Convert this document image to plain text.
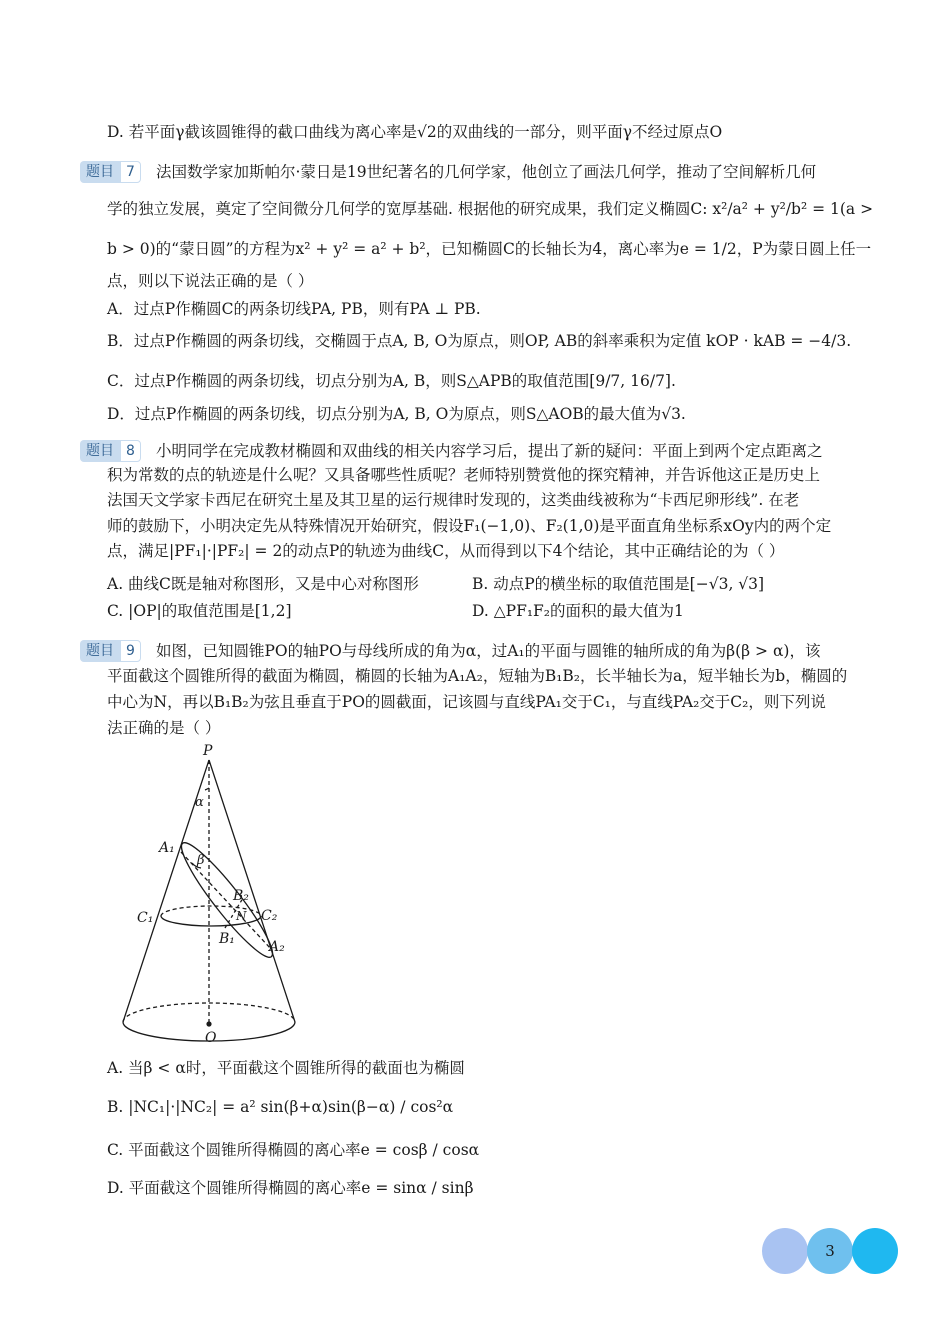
D. 若平面γ截该圆锥得的截口曲线为离心率是√2的双曲线的一部分，则平面γ不经过原点O
题目 7	法国数学家加斯帕尔·蒙日是19世纪著名的几何学家，他创立了画法几何学，推动了空间解析几何
学的独立发展，奠定了空间微分几何学的宽厚基础. 根据他的研究成果，我们定义椭圆C: x²/a² + y²/b² = 1(a >
b > 0)的“蒙日圆”的方程为x² + y² = a² + b²，已知椭圆C的长轴长为4，离心率为e = 1/2，P为蒙日圆上任一
点，则以下说法正确的是（ ）
A．过点P作椭圆C的两条切线PA, PB，则有PA ⊥ PB.
B．过点P作椭圆的两条切线，交椭圆于点A, B, O为原点，则OP, AB的斜率乘积为定值 kOP · kAB = −4/3.
C．过点P作椭圆的两条切线，切点分别为A, B，则S△APB的取值范围[9/7, 16/7].
D．过点P作椭圆的两条切线，切点分别为A, B, O为原点，则S△AOB的最大值为√3.
题目 8	小明同学在完成教材椭圆和双曲线的相关内容学习后，提出了新的疑问：平面上到两个定点距离之
积为常数的点的轨迹是什么呢？又具备哪些性质呢？老师特别赞赏他的探究精神，并告诉他这正是历史上
法国天文学家卡西尼在研究土星及其卫星的运行规律时发现的，这类曲线被称为“卡西尼卵形线”. 在老
师的鼓励下，小明决定先从特殊情况开始研究，假设F₁(−1,0)、F₂(1,0)是平面直角坐标系xOy内的两个定
点，满足|PF₁|·|PF₂| = 2的动点P的轨迹为曲线C，从而得到以下4个结论，其中正确结论的为（ ）
A. 曲线C既是轴对称图形，又是中心对称图形	B. 动点P的横坐标的取值范围是[−√3, √3]
C. |OP|的取值范围是[1,2]	D. △PF₁F₂的面积的最大值为1
题目 9	如图，已知圆锥PO的轴PO与母线所成的角为α，过A₁的平面与圆锥的轴所成的角为β(β > α)，该
平面截这个圆锥所得的截面为椭圆，椭圆的长轴为A₁A₂，短轴为B₁B₂，长半轴长为a，短半轴长为b，椭圆的
中心为N，再以B₁B₂为弦且垂直于PO的圆截面，记该圆与直线PA₁交于C₁，与直线PA₂交于C₂，则下列说
法正确的是（ ）
P
O
α
β
A₁
A₂
B₁
B₂
C₁	C₂
N
A. 当β < α时，平面截这个圆锥所得的截面也为椭圆
B. |NC₁|·|NC₂| = a² sin(β+α)sin(β−α) / cos²α
C. 平面截这个圆锥所得椭圆的离心率e = cosβ / cosα
D. 平面截这个圆锥所得椭圆的离心率e = sinα / sinβ
3
